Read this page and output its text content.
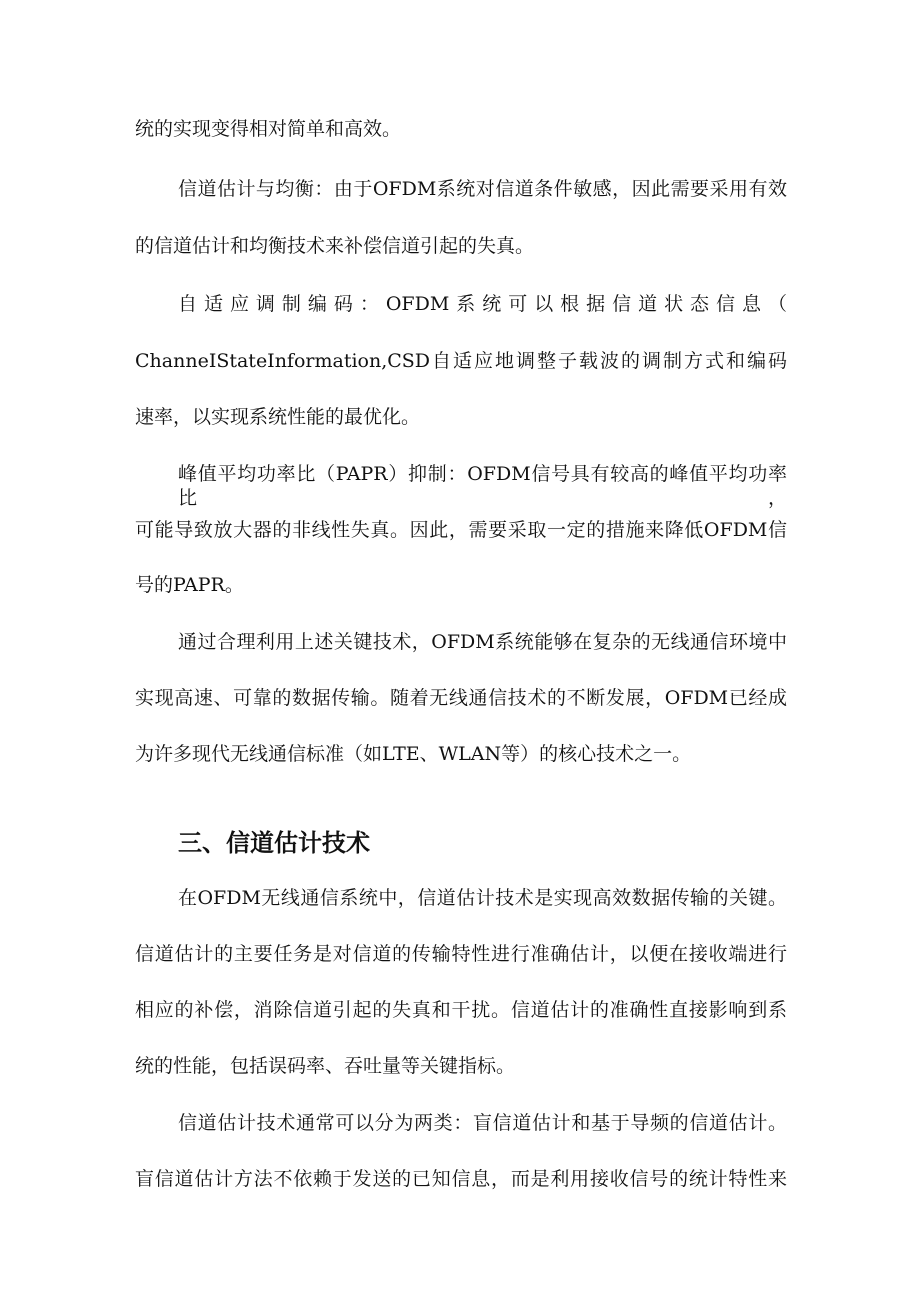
统的实现变得相对简单和高效。

信道估计与均衡：由于OFDM系统对信道条件敏感，因此需要采用有效

的信道估计和均衡技术来补偿信道引起的失真。

自适应调制编码：OFDM系统可以根据信道状态信息（

ChanneIStateInformation,CSD自适应地调整子载波的调制方式和编码

速率，以实现系统性能的最优化。

峰值平均功率比（PAPR）抑制：OFDM信号具有较高的峰值平均功率比，

可能导致放大器的非线性失真。因此，需要采取一定的措施来降低OFDM信

号的PAPR。

通过合理利用上述关键技术，OFDM系统能够在复杂的无线通信环境中

实现高速、可靠的数据传输。随着无线通信技术的不断发展，OFDM已经成

为许多现代无线通信标准（如LTE、WLAN等）的核心技术之一。

三、信道估计技术

在OFDM无线通信系统中，信道估计技术是实现高效数据传输的关键。

信道估计的主要任务是对信道的传输特性进行准确估计，以便在接收端进行

相应的补偿，消除信道引起的失真和干扰。信道估计的准确性直接影响到系

统的性能，包括误码率、吞吐量等关键指标。

信道估计技术通常可以分为两类：盲信道估计和基于导频的信道估计。

盲信道估计方法不依赖于发送的已知信息，而是利用接收信号的统计特性来
